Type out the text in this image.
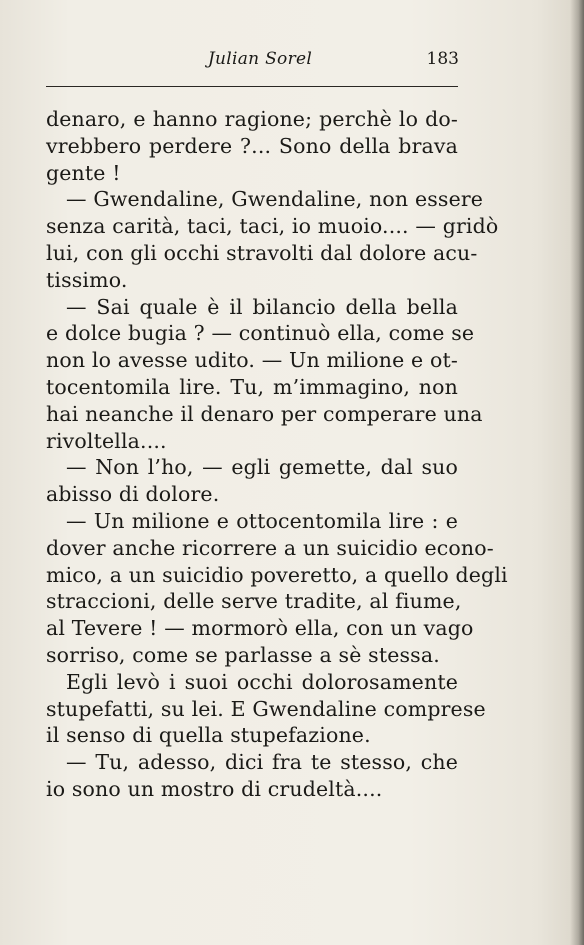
Julian Sorel	183
denaro, e hanno ragione; perchè lo do-
vrebbero perdere ?... Sono della brava
gente !
— Gwendaline, Gwendaline, non essere
senza carità, taci, taci, io muoio.... — gridò
lui, con gli occhi stravolti dal dolore acu-
tissimo.
— Sai quale è il bilancio della bella
e dolce bugia ? — continuò ella, come se
non lo avesse udito. — Un milione e ot-
tocentomila lire. Tu, m’immagino, non
hai neanche il denaro per comperare una
rivoltella....
— Non l’ho, — egli gemette, dal suo
abisso di dolore.
— Un milione e ottocentomila lire : e
dover anche ricorrere a un suicidio econo-
mico, a un suicidio poveretto, a quello degli
straccioni, delle serve tradite, al fiume,
al Tevere ! — mormorò ella, con un vago
sorriso, come se parlasse a sè stessa.
Egli levò i suoi occhi dolorosamente
stupefatti, su lei. E Gwendaline comprese
il senso di quella stupefazione.
— Tu, adesso, dici fra te stesso, che
io sono un mostro di crudeltà....
